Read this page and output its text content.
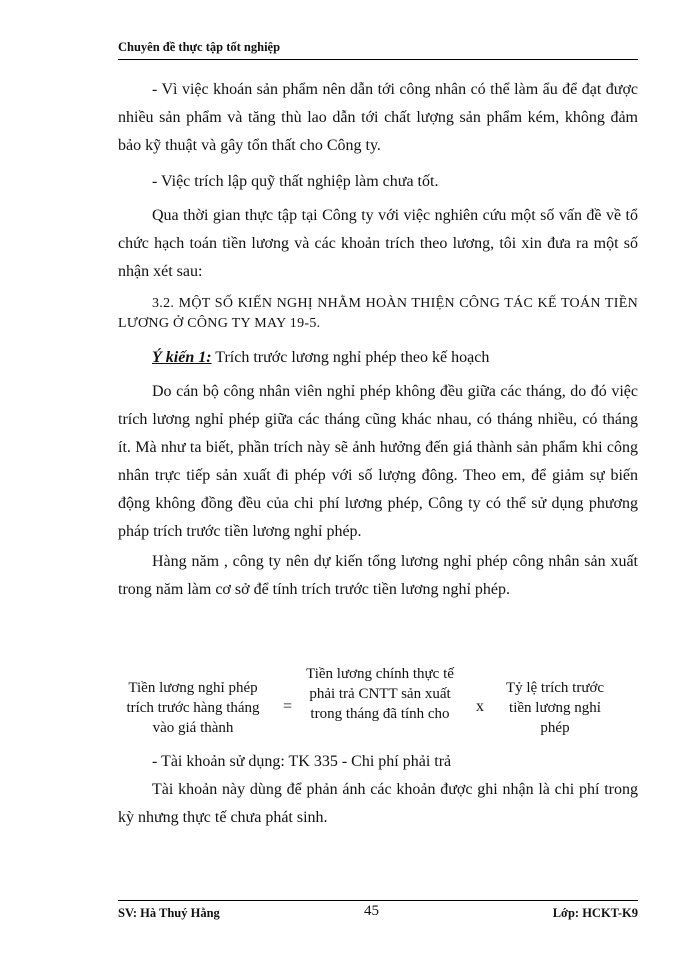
Chuyên đề thực tập tốt nghiệp

- Vì việc khoán sản phẩm nên dẫn tới công nhân có thể làm ẩu để đạt được nhiều sản phẩm và tăng thù lao dẫn tới chất lượng sản phẩm kém, không đảm bảo kỹ thuật và gây tổn thất cho Công ty.

- Việc trích lập quỹ thất nghiệp làm chưa tốt.

Qua thời gian thực tập tại Công ty với việc nghiên cứu một số vấn đề về tổ chức hạch toán tiền lương và các khoản trích theo lương, tôi xin đưa ra một số nhận xét sau:

3.2. MỘT SỐ KIẾN NGHỊ NHẰM HOÀN THIỆN CÔNG TÁC KẾ TOÁN TIỀN LƯƠNG Ở CÔNG TY MAY 19-5.

Ý kiến 1: Trích trước lương nghỉ phép theo kế hoạch

Do cán bộ công nhân viên nghỉ phép không đều giữa các tháng, do đó việc trích lương nghỉ phép giữa các tháng cũng khác nhau, có tháng nhiều, có tháng ít. Mà như ta biết, phần trích này sẽ ảnh hưởng đến giá thành sản phẩm khi công nhân trực tiếp sản xuất đi phép với số lượng đông. Theo em, để giảm sự biến động không đồng đều của chi phí lương phép, Công ty có thể sử dụng phương pháp trích trước tiền lương nghỉ phép.

Hàng năm , công ty nên dự kiến tổng lương nghỉ phép công nhân sản xuất trong năm làm cơ sở để tính trích trước tiền lương nghỉ phép.

Tiền lương nghỉ phép trích trước hàng tháng vào giá thành
=
Tiền lương chính thực tế phải trả CNTT sản xuất trong tháng đã tính cho	x
Tỷ lệ trích trước tiền lương nghỉ phép

- Tài khoản sử dụng: TK 335 - Chi phí phải trả

Tài khoản này dùng để phản ánh các khoản được ghi nhận là chi phí trong kỳ nhưng thực tế chưa phát sinh.

SV: Hà Thuý Hằng	45	Lớp: HCKT-K9
